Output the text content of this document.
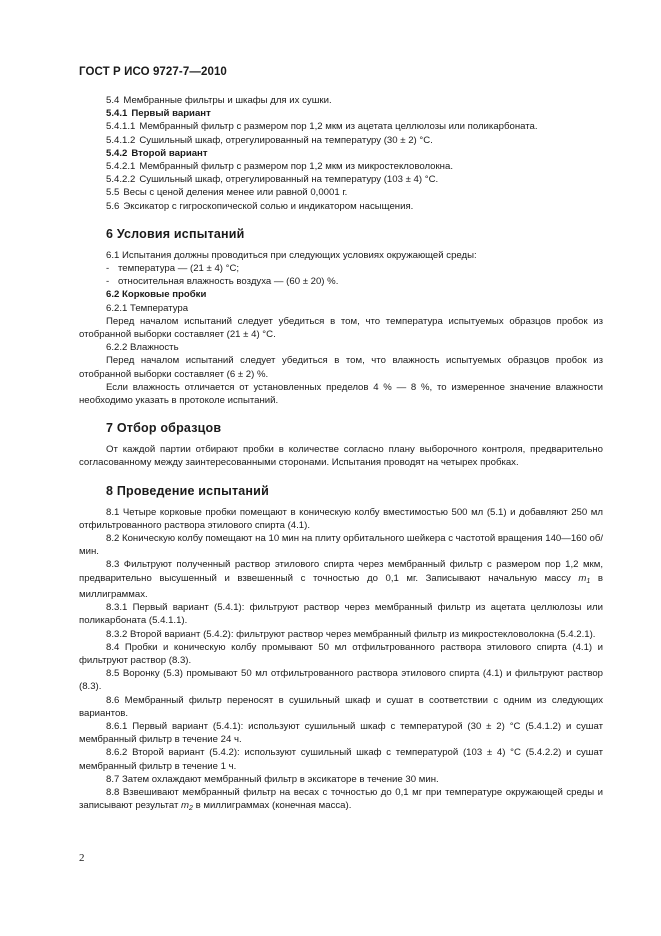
ГОСТ Р ИСО 9727-7—2010

5.4 Мембранные фильтры и шкафы для их сушки.

5.4.1 Первый вариант

5.4.1.1 Мембранный фильтр с размером пор 1,2 мкм из ацетата целлюлозы или поликарбоната.

5.4.1.2 Сушильный шкаф, отрегулированный на температуру (30 ± 2) °С.

5.4.2 Второй вариант

5.4.2.1 Мембранный фильтр с размером пор 1,2 мкм из микростекловолокна.

5.4.2.2 Сушильный шкаф, отрегулированный на температуру (103 ± 4) °С.

5.5 Весы с ценой деления менее или равной 0,0001 г.

5.6 Эксикатор с гигроскопической солью и индикатором насыщения.

6 Условия испытаний

6.1 Испытания должны проводиться при следующих условиях окружающей среды:

- температура — (21 ± 4) °С;

- относительная влажность воздуха — (60 ± 20) %.

6.2 Корковые пробки

6.2.1 Температура

Перед началом испытаний следует убедиться в том, что температура испытуемых образцов пробок из отобранной выборки составляет (21 ± 4) °С.

6.2.2 Влажность

Перед началом испытаний следует убедиться в том, что влажность испытуемых образцов пробок из отобранной выборки составляет (6 ± 2) %.

Если влажность отличается от установленных пределов 4 % — 8 %, то измеренное значение влажности необходимо указать в протоколе испытаний.

7 Отбор образцов

От каждой партии отбирают пробки в количестве согласно плану выборочного контроля, предварительно согласованному между заинтересованными сторонами. Испытания проводят на четырех пробках.

8 Проведение испытаний

8.1 Четыре корковые пробки помещают в коническую колбу вместимостью 500 мл (5.1) и добавляют 250 мл отфильтрованного раствора этилового спирта (4.1).

8.2 Коническую колбу помещают на 10 мин на плиту орбитального шейкера с частотой вращения 140—160 об/мин.

8.3 Фильтруют полученный раствор этилового спирта через мембранный фильтр с размером пор 1,2 мкм, предварительно высушенный и взвешенный с точностью до 0,1 мг. Записывают начальную массу $m_1$ в миллиграммах.

8.3.1 Первый вариант (5.4.1): фильтруют раствор через мембранный фильтр из ацетата целлюлозы или поликарбоната (5.4.1.1).

8.3.2 Второй вариант (5.4.2): фильтруют раствор через мембранный фильтр из микростекловолокна (5.4.2.1).

8.4 Пробки и коническую колбу промывают 50 мл отфильтрованного раствора этилового спирта (4.1) и фильтруют раствор (8.3).

8.5 Воронку (5.3) промывают 50 мл отфильтрованного раствора этилового спирта (4.1) и фильтруют раствор (8.3).

8.6 Мембранный фильтр переносят в сушильный шкаф и сушат в соответствии с одним из следующих вариантов.

8.6.1 Первый вариант (5.4.1): используют сушильный шкаф с температурой (30 ± 2) °С (5.4.1.2) и сушат мембранный фильтр в течение 24 ч.

8.6.2 Второй вариант (5.4.2): используют сушильный шкаф с температурой (103 ± 4) °С (5.4.2.2) и сушат мембранный фильтр в течение 1 ч.

8.7 Затем охлаждают мембранный фильтр в эксикаторе в течение 30 мин.

8.8 Взвешивают мембранный фильтр на весах с точностью до 0,1 мг при температуре окружающей среды и записывают результат $m_2$ в миллиграммах (конечная масса).

2
